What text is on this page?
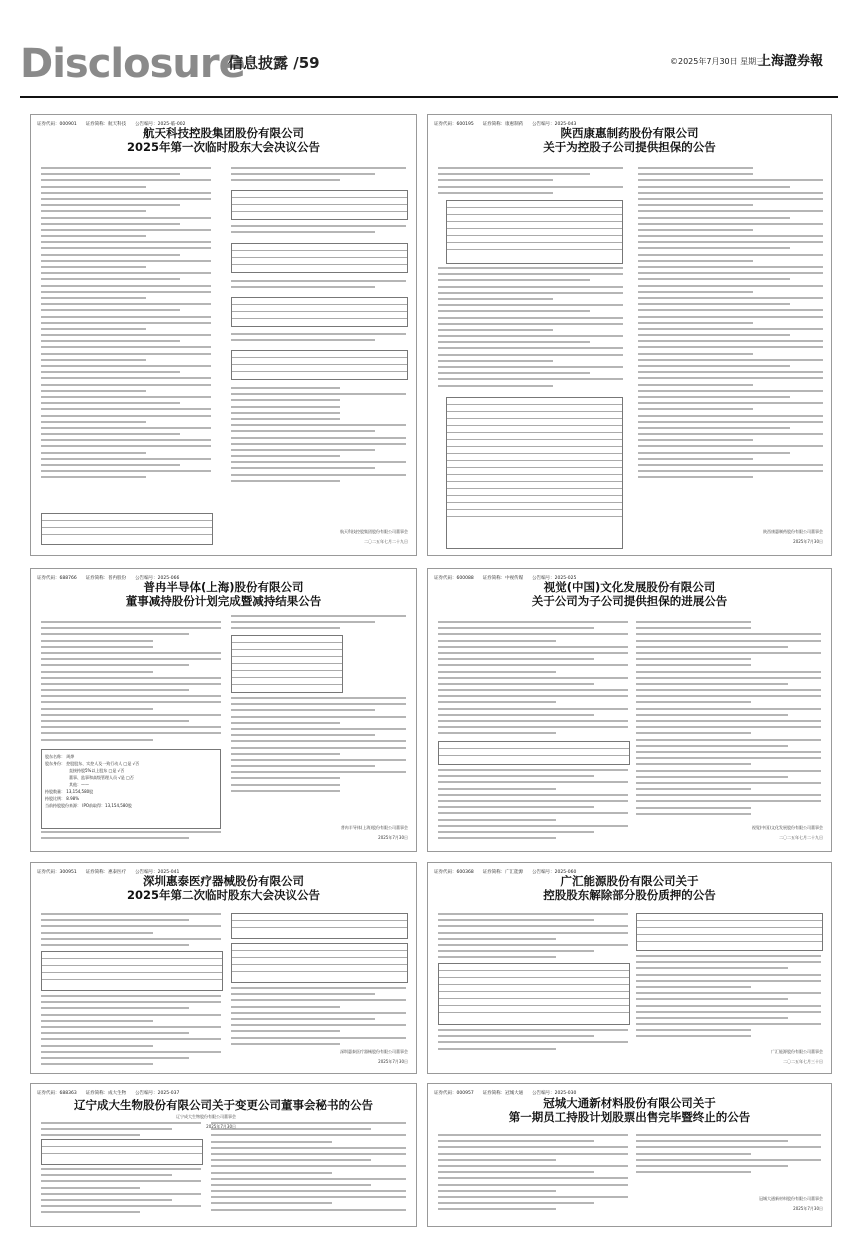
Disclosure
信息披露 /59	©2025年7月30日 星期三
上海證券報
证券代码：000901　　证券简称：航天科技　　公告编号：2025-临-002
航天科技控股集团股份有限公司
2025年第一次临时股东大会决议公告
航天科技控股集团股份有限公司董事会
二〇二五年七月二十九日
证券代码：600195　　证券简称：康惠制药　　公告编号：2025-043
陕西康惠制药股份有限公司
关于为控股子公司提供担保的公告
陕西康惠制药股份有限公司董事会
2025年7月30日
证券代码：688766　　证券简称：普冉股份　　公告编号：2025-066
普冉半导体(上海)股份有限公司
董事减持股份计划完成暨减持结果公告
股东名称： 周烨
股东身份： 控股股东、实控人及一致行动人 □是 √否
直接持股5%以上股东 □是 √否
董事、监事和高级管理人员 √是 □否
其他：——
持股数量： 13,154,580股
持股比例： 8.98%
当前持股股份来源： IPO前取得：13,154,580股
普冉半导体(上海)股份有限公司董事会
2025年7月30日
证券代码：600088　　证券简称：中视传媒　　公告编号：2025-025
视觉(中国)文化发展股份有限公司
关于公司为子公司提供担保的进展公告
视觉(中国)文化发展股份有限公司董事会
二〇二五年七月二十九日
证券代码：300951　　证券简称：惠泰医疗　　公告编号：2025-041
深圳惠泰医疗器械股份有限公司
2025年第二次临时股东大会决议公告
深圳惠泰医疗器械股份有限公司董事会
2025年7月30日
证券代码：600368　　证券简称：广汇能源　　公告编号：2025-060
广汇能源股份有限公司关于
控股股东解除部分股份质押的公告
广汇能源股份有限公司董事会
二〇二五年七月三十日
证券代码：688363　　证券简称：成大生物　　公告编号：2025-037
辽宁成大生物股份有限公司关于变更公司董事会秘书的公告
辽宁成大生物股份有限公司董事会
2025年7月30日
证券代码：000957　　证券简称：冠城大通　　公告编号：2025-030
冠城大通新材料股份有限公司关于
第一期员工持股计划股票出售完毕暨终止的公告
冠城大通新材料股份有限公司董事会
2025年7月30日
